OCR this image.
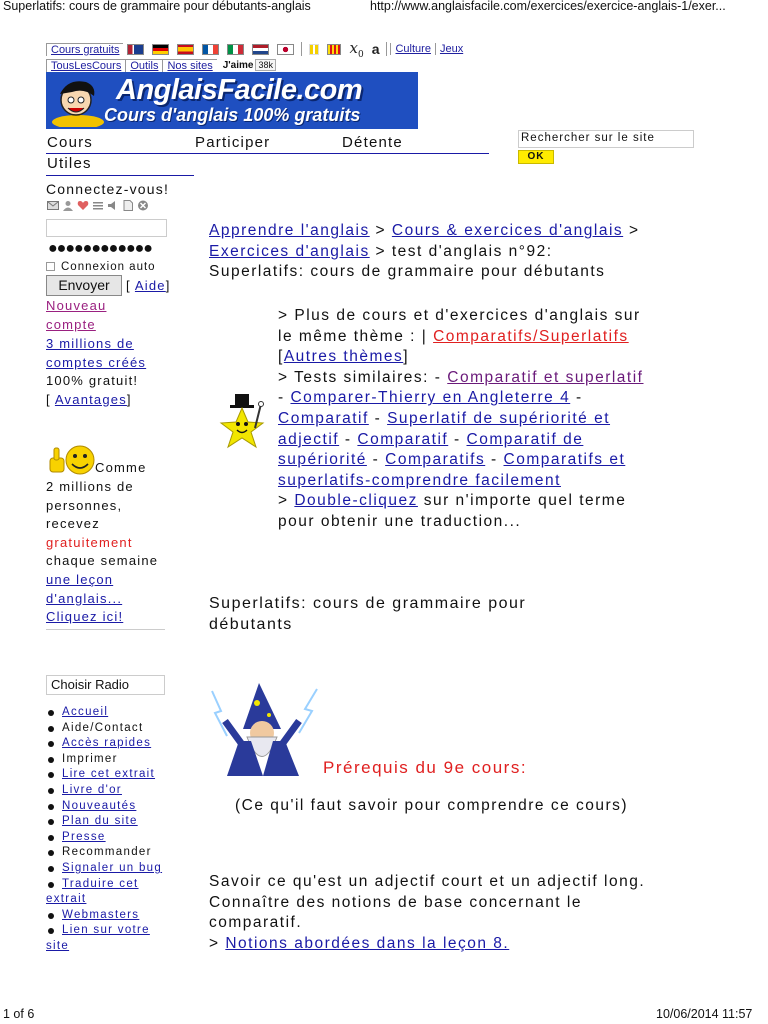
Superlatifs: cours de grammaire pour débutants-anglais	http://www.anglaisfacile.com/exercices/exercice-anglais-1/exer...
Cours gratuits	$x_0$ a	Culture Jeux
TousLesCours Outils Nos sites	J'aime 38k
AnglaisFacile.com
Cours d'anglais 100% gratuits
Cours	Participer	Détente
Utiles
Rechercher sur le site
OK
Connectez-vous!
●●●●●●●●●●●●
Connexion auto
Envoyer	[ Aide]
Nouveau
compte
3 millions de
comptes créés
100% gratuit!
[ Avantages]
Comme
2 millions de
personnes,
recevez
gratuitement
chaque semaine
une leçon
d'anglais...
Cliquez ici!
Choisir Radio
Accueil
Aide/Contact
Accès rapides
Imprimer
Lire cet extrait
Livre d'or
Nouveautés
Plan du site
Presse
Recommander
Signaler un bug
Traduire cet
extrait
Webmasters
Lien sur votre
site
Apprendre l'anglais > Cours & exercices d'anglais >
Exercices d'anglais > test d'anglais n°92:
Superlatifs: cours de grammaire pour débutants
> Plus de cours et d'exercices d'anglais sur
le même thème : | Comparatifs/Superlatifs
[Autres thèmes]
> Tests similaires: - Comparatif et superlatif
- Comparer-Thierry en Angleterre 4 -
Comparatif - Superlatif de supériorité et
adjectif - Comparatif - Comparatif de
supériorité - Comparatifs - Comparatifs et
superlatifs-comprendre facilement
> Double-cliquez sur n'importe quel terme
pour obtenir une traduction...
Superlatifs: cours de grammaire pour
débutants
Prérequis du 9e cours:
(Ce qu'il faut savoir pour comprendre ce cours)
Savoir ce qu'est un adjectif court et un adjectif long.
Connaître des notions de base concernant le
comparatif.
> Notions abordées dans la leçon 8.
1 of 6	10/06/2014 11:57
